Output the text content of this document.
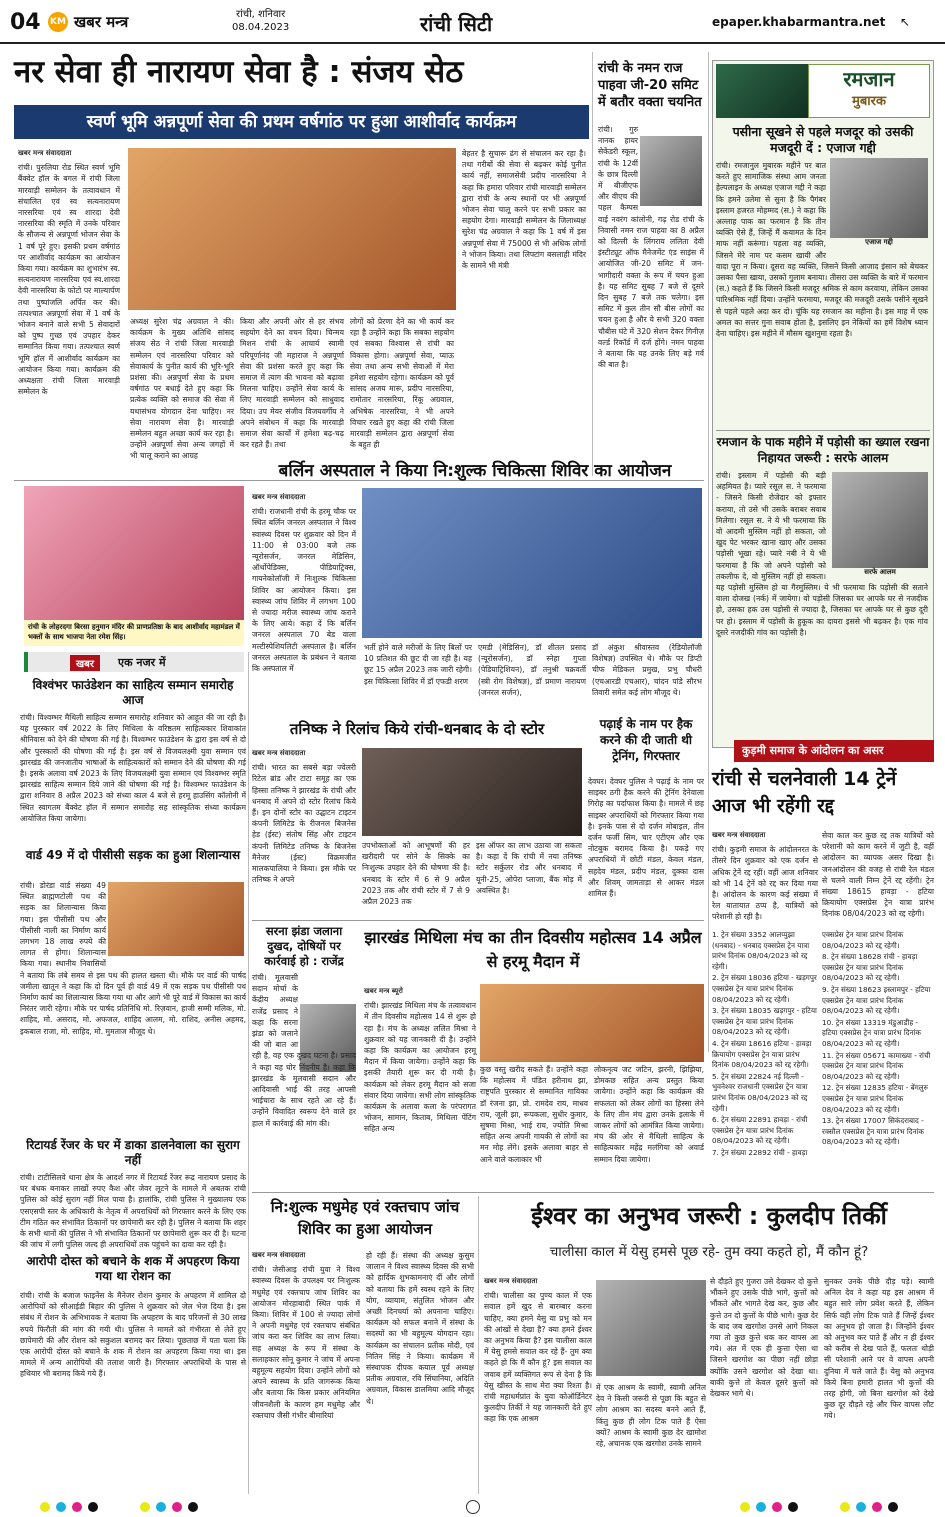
04 KM खबर मन्त्र	रांची, शनिवार
08.04.2023	रांची सिटी	epaper.khabarmantra.net ↖
नर सेवा ही नारायण सेवा है : संजय सेठ
स्वर्ण भूमि अन्नपूर्णा सेवा की प्रथम वर्षगांठ पर हुआ आशीर्वाद कार्यक्रम
खबर मन्त्र संवाददाता
रांची। पुरुलिया रोड स्थित स्वर्ण भूमि बैंक्वेट हॉल के बगल में रांची जिला मारवाड़ी सम्मेलन के तत्वावधान में संचालित एवं स्व सत्यनारायण नारसरिया एवं स्व शारदा देवी नारसरिया की स्मृति में उनके परिवार के सौजन्य से अन्नपूर्णा भोजन सेवा के 1 वर्ष पूरे हुए। इसकी प्रथम वर्षगांठ पर आशीर्वाद कार्यक्रम का आयोजन किया गया। कार्यक्रम का शुभारंभ स्व. सत्यनारायण नारसरिया एवं स्व.शारदा देवी नारसरिया के फोटो पर माल्यार्पण तथा पुष्पांजलि अर्पित कर की। तत्पश्चात अन्नपूर्णा सेवा में 1 वर्ष के भोजन बनाने वाले सभी 5 सेवादारों को पुष्प गुच्छ एवं उपहार देकर सम्मानित किया गया। तत्पश्चात स्वर्ण भूमि हॉल में आशीर्वाद कार्यक्रम का आयोजन किया गया। कार्यक्रम की अध्यक्षता रांची जिला मारवाड़ी सम्मेलन के
अध्यक्ष सुरेश चंद्र अग्रवाल ने की। कार्यक्रम के मुख्य अतिथि सांसद संजय सेठ ने रांची जिला मारवाड़ी सम्मेलन एवं नारसरिया परिवार को सेवाकार्य के पुनीत कार्य की भूरि-भूरि प्रशंसा की। अन्नपूर्णा सेवा के प्रथम वर्षगांठ पर बधाई देते हुए कहा कि प्रत्येक व्यक्ति को समाज की सेवा में यथासंभव योगदान देना चाहिए। नर सेवा नारायण सेवा है। मारवाड़ी सम्मेलन बहुत अच्छा कार्य कर रहा है। उन्होंने अन्नपूर्णा सेवा अन्य जगहों में भी चालू कराने का आग्रह
किया और अपनी ओर से हर संभव सहयोग देने का वचन दिया। चिन्मय मिशन रांची के आचार्य स्वामी परिपूर्णानंद जी महाराज ने अन्नपूर्णा सेवा की प्रशंसा करते हुए कहा कि समाज में त्याग की भावना को बढ़ावा मिलना चाहिए। उन्होंने सेवा कार्य के लिए मारवाड़ी सम्मेलन को साधुवाद दिया। उप मेयर संजीव विजयवर्गीय ने अपने संबोधन में कहा कि मारवाड़ी समाज सेवा कार्यों में हमेशा बढ़-चढ़ कर रहते हैं। तथा
लोगों को प्रेरणा देने का भी कार्य कर रहा है उन्होंने कहा कि सबका सहयोग एवं सबका विश्वास से रांची का विकास होगा। अन्नपूर्णा सेवा, प्याऊ सेवा तथा अन्य सभी सेवाओं में मेरा हमेशा सहयोग रहेगा। कार्यक्रम को पूर्व सांसद अजय मारू, प्रदीप नारसरिया, रामोतार नारसरिया, रिंकू अग्रवाल, अभिषेक नारसरिया, ने भी अपने विचार रखते हुए कहा की रांची जिला मारवाड़ी सम्मेलन द्वारा अन्नपूर्णा सेवा के बहुत ही
बेहतर है सुचारू ढंग से संचालन कर रहा है। तथा गरीबों की सेवा से बढ़कर कोई पुनीत कार्य नहीं, समाजसेवी प्रदीप नारसरिया ने कहा कि हमारा परिवार रांची मारवाड़ी सम्मेलन द्वारा रांची के अन्य स्थानों पर भी अन्नपूर्णा भोजन सेवा चालू करने पर सभी प्रकार का सहयोग देगा। मारवाड़ी सम्मेलन के जिलाध्यक्ष सुरेश चंद्र अग्रवाल ने कहा कि 1 वर्ष में इस अन्नपूर्णा सेवा में 75000 से भी अधिक लोगों ने भोजन किया। तथा लिफ्टांग बसलाही मंदिर के सामने भी मंत्री
रांची के नमन राज पाहवा जी-20 समिट में बतौर वक्ता चयनित
रांची। गुरु नानक हायर सेकेंडरी स्कूल, रांची के 12वीं के छात्र दिल्ली में बीजीएफ और वीएच की पहल कैम्पस वाई नवरंग कांलोनी, गढ़ रोड रांची के निवासी नमन राज पाहवा का 8 अप्रैल को दिल्ली के लिंगराय ललिता देवी इंस्टीट्यूट ऑफ मैनेजमेंट एंड साइंस में आयोजित जी-20 समिट में जन-भागीदारी वक्ता के रूप में चयन हुआ है। यह समिट सुबह 7 बजे से दूसरे दिन सुबह 7 बजे तक चलेगा। इस समिट में कुल तीन सौ बीस लोगों का चयन हुआ है और ये सभी 320 वक्ता चौबीस घंटे में 320 सेशन देकर गिनीज़ वर्ल्ड रिकॉर्ड में दर्ज होंगे। नमन पाहवा ने बताया कि यह उनके लिए बड़े गर्व की बात है।
रमजान
मुबारक
पसीना सूखने से पहले मजदूर को उसकी मजदूरी दें : एजाज गद्दी
एजाज गद्दी
रांची। रमजानुल मुबारक महीने पर बात करते हुए सामाजिक संस्था आम जनता हेल्पलाइन के अध्यक्ष एजाज गद्दी ने कहा कि हमने उलेमा से सुना है कि पैगंबर इस्लाम हजरत मोहम्मद (स.) ने कहा कि अल्लाह पाक का फरमान है कि तीन व्यक्ति ऐसे हैं, जिन्हें मैं कयामत के दिन माफ नहीं करूंगा। पहला वह व्यक्ति, जिसने मेरे नाम पर कसम खायी और वादा पूरा न किया। दूसरा वह व्यक्ति, जिसने किसी आजाद इंसान को बेचकर उसका पैसा खाया, उसको गुलाम बनाया। तीसरा उस व्यक्ति के बारे में फरमान (स.) कहते हैं कि जिसने किसी मजदूर श्रमिक से काम करवाया, लेकिन उसका पारिश्रमिक नहीं दिया। उन्होंने फरमाया, मजदूर की मजदूरी उसके पसीने सूखने से पहले पहले अदा कर दो। चूंकि यह रमजान का महीना है। इस माह में एक अमल का सत्तर गुना सवाब होता है, इसलिए इन नेकियों का हमें विशेष ध्यान देना चाहिए। इस महीने में मौसम खुशनुमा रहता है।
रमजान के पाक महीने में पड़ोसी का ख्याल रखना निहायत जरूरी : सरफे आलम
सरफे आलम
रांची। इस्लाम में पड़ोसी की बड़ी अहमियत है। प्यारे रसूल स. ने फरमाया - जिसने किसी रोजेदार को इफ्तार कराया, तो उसे भी उसके बराबर सवाब मिलेगा। रसूल स. ने ये भी फरमाया कि वो आदमी मुस्लिम नहीं हो सकता, जो खुद पेट भरकर खाना खाए और उसका पड़ोसी भूखा रहे। प्यारे नबी ने ये भी फरमाया है कि जो अपने पड़ोसी को तकलीफ दे, वो मुस्लिम नहीं हो सकता। यह पड़ोसी मुस्लिम हो या गैरमुस्लिम। ये भी फरमाया कि पड़ोसी की सताने वाला दोजख (नर्क) में जायेगा। वो पड़ोसी जिसका घर आपके घर से नजदीक हो, उसका हक उस पड़ोसी से ज्यादा है, जिसका घर आपके घर से कुछ दूरी पर हो। इस्लाम में पड़ोसी के हुकूक का दायरा इससे भी बढ़कर है। एक गांव दूसरे नजदीकी गांव का पड़ोसी है।
रांची के लोहरदगा बिरसा हनुमान मंदिर की प्राणप्रतिष्ठा के बाद आशीर्वाद महामंडल में भक्तों के साथ भाजपा नेता रमेश सिंह।
बर्लिन अस्पताल ने किया नि:शुल्क चिकित्सा शिविर का आयोजन
खबर मन्त्र संवाददाता
रांची। राजधानी रांची के हरमू चौक पर स्थित बर्लिन जनरल अस्पताल ने विश्व स्वास्थ्य दिवस पर शुक्रवार को दिन में 11:00 से 03:00 बजे तक न्यूरोसर्जन, जनरल मेडिसिन, ऑर्थोपेडिक्स, पीडियाट्रिक्स, गायनेकोलॉजी में निःशुल्क चिकित्सा शिविर का आयोजन किया। इस स्वास्थ्य जांच शिविर में लगभग 100 से ज्यादा मरीज स्वास्थ्य जांच कराने के लिए आये। कहा दें कि बर्लिन जनरल अस्पताल 70 बेड वाला मल्टीस्पेशियलिटी अस्पताल है। बर्लिन जनरल अस्पताल के प्रबंधन ने बताया कि अस्पताल में
भर्ती होने वाले मरीजों के लिए बिलों पर 10 प्रतिशत की छूट दी जा रही है। यह छूट 15 अप्रैल 2023 तक जारी रहेगी। इस चिकित्सा शिविर में डॉ एफडी शरण
एमडी (मेडिसिन), डॉ शीतल प्रसाद (न्यूरोसर्जन), डॉ स्नेहा गुप्ता (पेडियाट्रिशियन), डॉ तनुश्री चक्रवर्ती (स्त्री रोग विशेषज्ञ), डॉ प्रमाण नारायण (जनरल सर्जन),
डॉ अंकुश श्रीवास्तव (रेडियोलॉजी विशेषज्ञ) उपस्थित थे। मौके पर डिप्टी चीफ मेडिकल प्रमुख, प्रभु चौधरी (एचआरडी एचआर), चांदन पांडे सौरभ तिवारी समेत कई लोग मौजूद थे।
खबर	एक नजर में
विश्वंभर फाउंडेशन का साहित्य सम्मान समारोह आज
रांची। विश्वम्भर मैथिली साहित्य सम्मान समारोह शनिवार को आहूत की जा रही है। यह पुरस्कार वर्ष 2022 के लिए मिथिला के वरिष्ठतम साहित्यकार शिवाकांत श्रीनिवास को देने की घोषणा की गई है। विश्वम्भर फाउंडेशन के द्वारा इस वर्ष से दो और पुरस्कारों की घोषणा की गई है। इस वर्ष से विजयलक्ष्मी युवा सम्मान एवं झारखंड की जनजातीय भाषाओं के साहित्यकारों को सम्मान देने की घोषणा की गई है। इसके अलावा वर्ष 2023 के लिए विजयलक्ष्मी युवा सम्मान एवं विश्वम्भर स्मृति झारखंड साहित्य सम्मान दिये जाने की घोषणा की गई है। विश्वम्भर फाउंडेशन के द्वारा शनिवार 8 अप्रैल 2023 को संध्या काल 4 बजे से हरमू हाउसिंग कॉलोनी में स्थित स्वागतम बैंक्वेट हॉल में सम्मान समारोह सह सांस्कृतिक संध्या कार्यक्रम आयोजित किया जायेगा।
वार्ड 49 में दो पीसीसी सड़क का हुआ शिलान्यास
रांची। डोरंडा वार्ड संख्या 49 स्थित ब्राह्मणटोली पथ की सड़क का शिलान्यास किया गया। इस पीसीसी पथ और पीसीसी नाली का निर्माण कार्य लगभग 18 लाख रुपये की लागत से होगा। शिलान्यास किया गया। स्थानीय निवासियों ने बताया कि लंबे समय से इस पथ की हालत खस्ता थी। मौके पर वार्ड की पार्षद जमीला खातून ने कहा कि दो दिन पूर्व ही वार्ड 49 में एक सड़क पथ पीसीसी पथ निर्माण कार्य का शिलान्यास किया गया था और आगे भी पूरे वार्ड में विकास का कार्य निरंतर जारी रहेगा। मौके पर पार्षद प्रतिनिधि मो. रिज़वान, हाजी सम्मी मलिक, मो. शाहिद, मो. असराद, मो. अफजल, शाहिद आलम, मो. राशिद, अनीस अहमद, इकबाल राजा, मो. साहिद, मो. मुमताज मौजूद थे।
रिटायर्ड रेंजर के घर में डाका डालनेवाला का सुराग नहीं
रांची। टाटीसिलवे थाना क्षेत्र के आदर्श नगर में रिटायर्ड रेंजर रूद्र नारायण प्रसाद के घर बंधक बनाकर लाखों रुपए कैश और जेवर लूटने के मामले में अबतक रांची पुलिस को कोई सुराग नहीं मिल पाया है। हालांकि, रांची पुलिस ने मुख्यालय एक एसएसपी स्तर के अधिकारी के नेतृत्व में अपराधियों को गिरफ्तार करने के लिए एक टीम गठित कर संभावित ठिकानों पर छापेमारी कर रही है। पुलिस ने बताया कि शहर के सभी थानों की पुलिस ने भी संभावित ठिकानों पर छापेमारी शुरू कर दी है। घटना की जांच में लगी पुलिस जल्द ही अपराधियों तक पहुंचने का दावा कर रही है।
आरोपी दोस्त को बचाने के शक में अपहरण किया गया था रोशन का
रांची। रांची के बजाज फाइनेंस के मैनेजर रोशन कुमार के अपहरण में शामिल दो आरोपियों को सीआईडी बिहार की पुलिस ने शुक्रवार को जेल भेज दिया है। इस संबंध में रोशन के अभिभावक ने बताया कि अपहरण के बाद परिजनों से 30 लाख रुपये फिरौती की मांग की गयी थी। पुलिस ने मामले को गंभीरता से लेते हुए छापेमारी की और रोशन को सकुशल बरामद कर लिया। पूछताछ में पता चला कि एक आरोपी दोस्त को बचाने के शक में रोशन का अपहरण किया गया था। इस मामले में अन्य आरोपियों की तलाश जारी है। गिरफ्तार अपराधियों के पास से हथियार भी बरामद किये गये हैं।
तनिष्क ने रिलांच किये रांची-धनबाद के दो स्टोर
खबर मन्त्र संवाददाता
रांची। भारत का सबसे बड़ा ज्वेलरी रिटेल ब्रांड और टाटा समूह का एक हिस्सा तनिष्क ने झारखंड के रांची और धनबाद में अपने दो स्टोर रिलांच किये हैं। इन दोनों स्टोर का उद्घाटन टाइटन कंपनी लिमिटेड के रीजनल बिजनेस हेड (ईस्ट) संतोष सिंह और टाइटन कंपनी लिमिटेड तनिष्क के बिजनेस मैनेजर (ईस्ट) विक्रमजीत मालकपालिया ने किया। इस मौके पर तनिष्क ने अपने
उपभोक्ताओं को आभूषणों की हर खरीदारी पर सोने के सिक्के का निःशुल्क उपहार देने की घोषणा की है। धनबाद के स्टोर में 6 से 9 अप्रैल 2023 तक और रांची स्टोर में 7 से 9 अप्रैल 2023 तक
इस ऑफर का लाभ उठाया जा सकता है। कहा दें कि रांची में नया तनिष्क स्टोर सर्कुलर रोड और धनबाद में यूनी-25, ओपेरा प्लाजा, बैंक मोड़ में अवस्थित है।
पढ़ाई के नाम पर हैक करने की दी जाती थी ट्रेनिंग, गिरफ्तार
देवघर। देवघर पुलिस ने पढ़ाई के नाम पर साइबर ठगी हैक करने की ट्रेनिंग देनेवाला गिरोह का पर्दाफाश किया है। मामले में छह साइबर अपराधियों को गिरफ्तार किया गया है। इनके पास से दो दर्जन मोबाइल, तीन दर्जन फर्जी सिम, चार एटीएम और एक नोटबुक बरामद किया है। पकड़े गए अपराधियों में छोटी मंडल, केवल मंडल, सहदेव मंडल, प्रदीप मंडल, दुक्का दास और शिवम् जामताड़ा से आकर मंडल शामिल हैं।
सरना झंडा जलाना दुखद, दोषियों पर कार्रवाई हो : राजेंद्र
रांची। मूलवासी सदान मोर्चा के केंद्रीय अध्यक्ष राजेंद्र प्रसाद ने कहा कि सरना झंडा को जलाने की जो बात आ रही है, वह एक दुखद घटना है। प्रसाद ने कहा यह घोर निंदनीय है। कहा कि झारखंड के मूलवासी सदान और आदिवासी भाई की तरह आपसी भाईचारा के साथ रहते आ रहे हैं। उन्होंने विवादित स्वरूप देने वाले हर हाल में कार्रवाई की मांग की।
झारखंड मिथिला मंच का तीन दिवसीय महोत्सव 14 अप्रैल से हरमू मैदान में
खबर मन्त्र ब्यूरो
रांची। झारखंड मिथिला मंच के तत्वावधान में तीन दिवसीय महोत्सव 14 से शुरू हो रहा है। मंच के अध्यक्ष ललित मिश्रा ने शुक्रवार को यह जानकारी दी है। उन्होंने कहा कि कार्यक्रम का आयोजन हरमू मैदान में किया जायेगा। उन्होंने कहा कि इसकी तैयारी शुरू कर दी गयी है। कार्यक्रम को लेकर हरमू मैदान को सजा संवार दिया जायेगा। सभी लोग सांस्कृतिक कार्यक्रम के अलावा कला के परंपरागत भोजन, सामान, किताब, मिथिला पेंटिंग सहित अन्य
कुछ वस्तु खरीद सकते हैं। उन्होंने कहा कि महोत्सव में पंडित हरीनाथ झा, राष्ट्रपति पुरस्कार से सम्मानित गायिका डॉ रंजना झा, प्रो. रामदेव राय, माधव राय, जूली झा, रूपकला, सुधीर कुमार, सुषमा मिश्रा, भाई राय, ज्योति मिश्रा सहित अन्य अपनी गायकी से लोगों का मन मोह लेंगे। इसके अलावा बाहर से आने वाले कलाकार भी
लोकनृत्य जट जटिन, झरनी, झिझिया, डोमकछ सहित अन्य प्रस्तुत किया जायेगा। उन्होंने कहा कि कार्यक्रम की सफलता को लेकर लोगों का हिस्सा लेने के लिए तीन मंच द्वारा उनके इलाके में जाकर लोगों को आमंत्रित किया जायेगा। मंच की ओर से मैथिली साहित्य के साहित्यकार महेंद्र मलंगिया को अवार्ड सम्मान दिया जायेगा।
कुड़मी समाज के आंदोलन का असर
रांची से चलनेवाली 14 ट्रेनें आज भी रहेंगी रद्द
खबर मन्त्र संवाददाता
रांची। कुड़मी समाज के आंदोलनरत के तीसरे दिन शुक्रवार को एक दर्जन से अधिक ट्रेनें रद्द रहीं। वहीं आज शनिवार को भी 14 ट्रेनें को रद्द कर दिया गया है। आंदोलन के कारण कई संख्या में रेल यातायात ठप्प है, यात्रियों को परेशानी हो रही है।
सेवा काल कर कुछ रद्द तक यात्रियों को परेशानी को काम करने में जुटी है, वहीं आंदोलन का व्यापक असर दिखा है। जनआंदोलन की वजह से रांची रेल मंडल से चलने वाली निम्न ट्रेनें रद्द रहेंगी। ट्रेन संख्या 18615 हावड़ा - हटिया क्रियायोग एक्सप्रेस ट्रेन यात्रा प्रारंभ दिनांक 08/04/2023 को रद्द रहेगी।
1. ट्रेन संख्या 3352 आलप्पुझा (धनबाद) - धनबाद एक्सप्रेस ट्रेन यात्रा प्रारंभ दिनांक 08/04/2023 को रद्द रहेगी।
2. ट्रेन संख्या 18036 हटिया - खड़गपुर एक्सप्रेस ट्रेन यात्रा प्रारंभ दिनांक 08/04/2023 को रद्द रहेगी।
3. ट्रेन संख्या 18035 खड़गपुर - हटिया एक्सप्रेस ट्रेन यात्रा प्रारंभ दिनांक 08/04/2023 को रद्द रहेगी।
4. ट्रेन संख्या 18616 हटिया - हावड़ा क्रियायोग एक्सप्रेस ट्रेन यात्रा प्रारंभ दिनांक 08/04/2023 को रद्द रहेगी।
5. ट्रेन संख्या 22824 नई दिल्ली - भुवनेश्वर राजधानी एक्सप्रेस ट्रेन यात्रा प्रारंभ दिनांक 08/04/2023 को रद्द रहेगी।
6. ट्रेन संख्या 22891 हावड़ा - रांची एक्सप्रेस ट्रेन यात्रा प्रारंभ दिनांक 08/04/2023 को रद्द रहेगी।
7. ट्रेन संख्या 22892 रांची - हावड़ा
एक्सप्रेस ट्रेन यात्रा प्रारंभ दिनांक 08/04/2023 को रद्द रहेगी।
8. ट्रेन संख्या 18628 रांची - हावड़ा एक्सप्रेस ट्रेन यात्रा प्रारंभ दिनांक 08/04/2023 को रद्द रहेगी।
9. ट्रेन संख्या 18623 इस्लामपुर - हटिया एक्सप्रेस ट्रेन यात्रा प्रारंभ दिनांक 08/04/2023 को रद्द रहेगी।
10. ट्रेन संख्या 13319 मंडुआडीह - हटिया एक्सप्रेस ट्रेन यात्रा प्रारंभ दिनांक 08/04/2023 को रद्द रहेगी।
11. ट्रेन संख्या 05671 कामाख्या - रांची एक्सप्रेस ट्रेन यात्रा प्रारंभ दिनांक 08/04/2023 को रद्द रहेगी।
12. ट्रेन संख्या 12835 हटिया - बेंगलुरु एक्सप्रेस ट्रेन यात्रा प्रारंभ दिनांक 08/04/2023 को रद्द रहेगी।
13. ट्रेन संख्या 17007 सिकंदराबाद - रक्सौल एक्सप्रेस ट्रेन यात्रा प्रारंभ दिनांक 08/04/2023 को रद्द रहेगी।
नि:शुल्क मधुमेह एवं रक्तचाप जांच शिविर का हुआ आयोजन
खबर मन्त्र संवाददाता
रांची। जेसीआइ रांची युवा ने विश्व स्वास्थ्य दिवस के उपलक्ष्य पर निःशुल्क मधुमेह एवं रक्तचाप जांच शिविर का आयोजन मोरहाबादी स्थित पार्क में किया। शिविर में 100 से ज्यादा लोगों ने अपनी मधुमेह एवं रक्तचाप संबंधित जांच करा कर शिविर का लाभ लिया। सह अध्यक्ष के रूप में संस्था के सलाहकार सोनू कुमार ने जांच में अपना बहुमूल्य सहयोग दिया। उन्होंने लोगों को अपने स्वास्थ्य के प्रति जागरूक किया और बताया कि किस प्रकार अनियमित जीवनशैली के कारण हम मधुमेह और रक्तचाप जैसी गंभीर बीमारियां
हो रही हैं। संस्था की अध्यक्ष कुसुम जालान ने विश्व स्वास्थ्य दिवस की सभी को हार्दिक शुभकामनाएं दीं और लोगों को बताया कि हमें स्वस्थ रहने के लिए योग, व्यायाम, संतुलित भोजन और अच्छी दिनचर्या को अपनाना चाहिए। कार्यक्रम को सफल बनाने में संस्था के सदस्यों का भी बहुमूल्य योगदान रहा। कार्यक्रम का संचालन प्रतीक मोदी, एवं नितिन सिंह ने किया। कार्यक्रम में संस्थापक दीपक कयाल पूर्व अध्यक्ष प्रतीक अग्रवाल, रवि सिंघानिया, अदिति अग्रवाल, विकास डालमिया आदि मौजूद थे।
ईश्वर का अनुभव जरूरी : कुलदीप तिर्की
चालीसा काल में येसु हमसे पूछ रहे- तुम क्या कहते हो, मैं कौन हूं?
खबर मन्त्र संवाददाता
रांची। चालीसा का पुण्य काल में एक सवाल हमें खुद से बारम्बार करना चाहिए, क्या हमने येसु या प्रभु को मन की आंखों से देखा है? क्या हमने ईश्वर का अनुभव किया है? इस चालीसा काल में येसु हमसे सवाल कर रहे हैं- तुम क्या कहते हो कि मैं कौन हूं? इस सवाल का जवाब हमें व्यक्तिगत रूप से देना है कि येसु खीस्त के साथ मेरा क्या रिश्ता है। रांची महाधर्मप्रांत के युवा कोऑर्डिनेटर कुलदीप तिर्की ने यह जानकारी देते हुए कहा कि एक आश्रम
में एक आश्रम के स्वामी, स्वामी अनिल देव ने किसी जरूरी से पूछा कि बहुत से लोग आश्रम का सदस्य बनने आते हैं, किंतु कुछ ही लोग टिक पाते हैं ऐसा क्यों? आश्रम के स्वामी कुछ देर खामोश रहे, अचानक एक खरगोश उनके सामने
से दौड़ते हुए गुजरा उसे देखकर दो कुत्ते भौंकने हुए उसके पीछे भागे, कुत्तों को भौंकते और भागते देख कर, कुछ और कुत्ते उन दो कुत्तों के पीछे भागे। कुछ देर के बाद जब खरगोश उनसे आगे निकल गया तो कुछ कुत्ते थक कर वापस आ गये। अंत में एक ही कुत्ता ऐसा था जिसने खरगोश का पीछा नहीं छोड़ा क्योंकि उसने खरगोश को देखा था। बाकी कुत्ते तो केवल दूसरे कुत्तों को देखकर भागे थे।
सुनकर उनके पीछे दौड़ पड़े। स्वामी अनिल देव ने कहा यह इस आश्रम में बहुत सारे लोग प्रवेश करते हैं, लेकिन सिर्फ वही लोग टिक पाते हैं जिन्हें ईश्वर का अनुभव हो जाता है। जिन्होंने ईश्वर को अनुभव कर पाते हैं और न ही ईश्वर को करीब से देख पाते हैं, फलतः थोड़ी सी परेशानी आने पर वे वापस अपनी दुनिया में चले जाते हैं। येसु को अनुभव किये बिना हमारी हालत भी कुत्तों की तरह होगी, जो बिना खरगोश को देखे कुछ दूर दौड़ते रहे और फिर वापस लौट गये।
